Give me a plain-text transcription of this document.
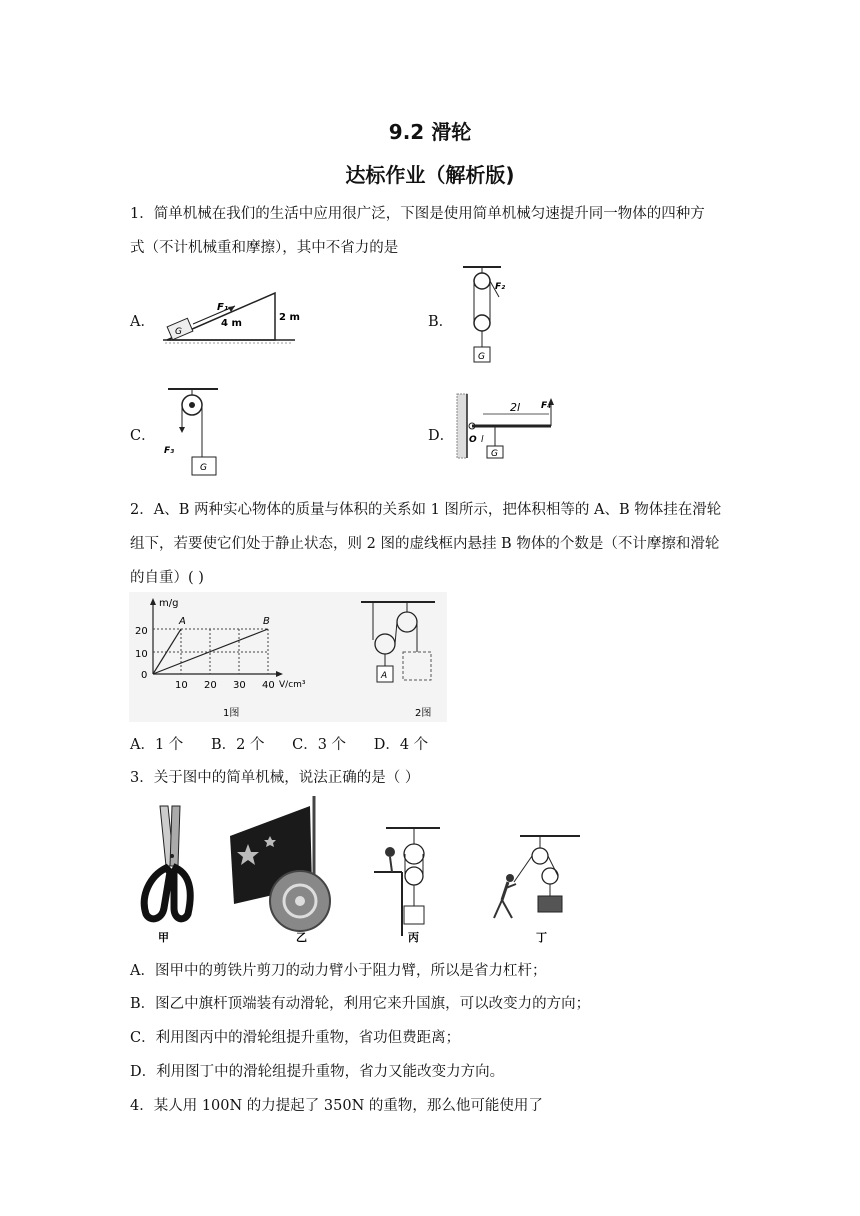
9.2 滑轮
达标作业（解析版)
1．简单机械在我们的生活中应用很广泛，下图是使用简单机械匀速提升同一物体的四种方
式（不计机械重和摩擦），其中不省力的是
A．
G
F₁
4 m
2 m	B．
F₂
G
C．
F₃
G
D．
F₄
2l
O l
G
2．A、B 两种实心物体的质量与体积的关系如 1 图所示，把体积相等的 A、B 物体挂在滑轮
组下，若要使它们处于静止状态，则 2 图的虚线框内悬挂 B 物体的个数是（不计摩擦和滑轮
的自重）( )
m/g
V/cm³
0
10
20
10 20 30 40
A	B
1图
A
2图
A．1 个      B．2 个      C．3 个      D．4 个
3．关于图中的简单机械，说法正确的是（ ）
甲	乙	丙	丁
A．图甲中的剪铁片剪刀的动力臂小于阻力臂，所以是省力杠杆；
B．图乙中旗杆顶端装有动滑轮，利用它来升国旗，可以改变力的方向；
C．利用图丙中的滑轮组提升重物，省功但费距离；
D．利用图丁中的滑轮组提升重物，省力又能改变力方向。
4．某人用 100N 的力提起了 350N 的重物，那么他可能使用了
